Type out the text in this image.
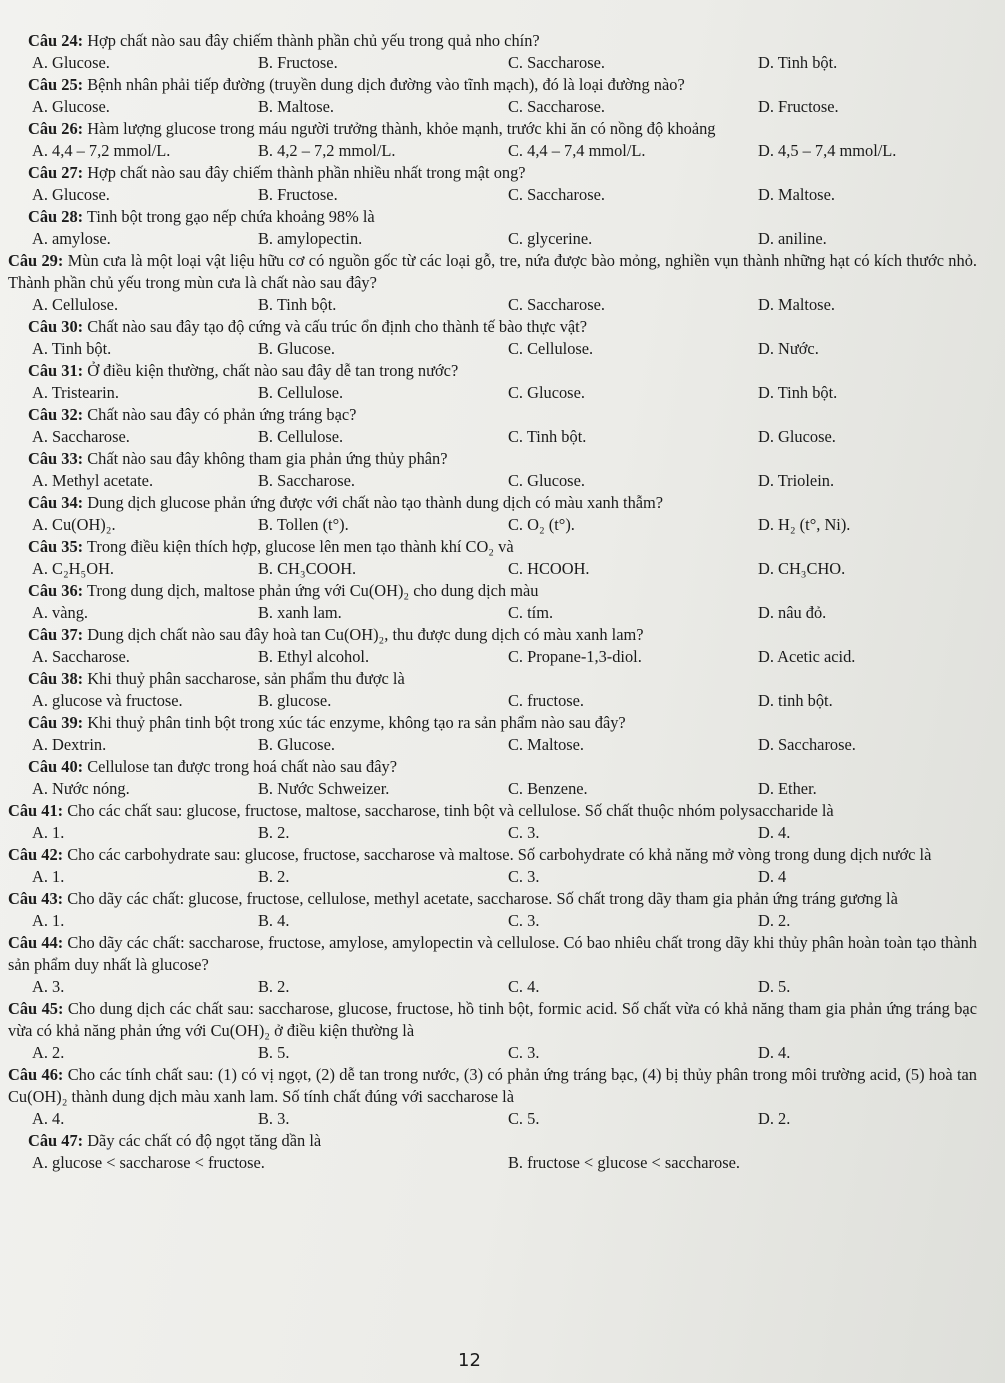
Câu 24: Hợp chất nào sau đây chiếm thành phần chủ yếu trong quả nho chín?
A. Glucose.	B. Fructose.	C. Saccharose.	D. Tinh bột.
Câu 25: Bệnh nhân phải tiếp đường (truyền dung dịch đường vào tĩnh mạch), đó là loại đường nào?
A. Glucose.	B. Maltose.	C. Saccharose.	D. Fructose.
Câu 26: Hàm lượng glucose trong máu người trưởng thành, khỏe mạnh, trước khi ăn có nồng độ khoảng
A. 4,4 – 7,2 mmol/L.	B. 4,2 – 7,2 mmol/L.	C. 4,4 – 7,4 mmol/L.	D. 4,5 – 7,4 mmol/L.
Câu 27: Hợp chất nào sau đây chiếm thành phần nhiều nhất trong mật ong?
A. Glucose.	B. Fructose.	C. Saccharose.	D. Maltose.
Câu 28: Tinh bột trong gạo nếp chứa khoảng 98% là
A. amylose.	B. amylopectin.	C. glycerine.	D. aniline.
Câu 29: Mùn cưa là một loại vật liệu hữu cơ có nguồn gốc từ các loại gỗ, tre, nứa được bào mỏng, nghiền vụn thành những hạt có kích thước nhỏ. Thành phần chủ yếu trong mùn cưa là chất nào sau đây?
A. Cellulose.	B. Tinh bột.	C. Saccharose.	D. Maltose.
Câu 30: Chất nào sau đây tạo độ cứng và cấu trúc ổn định cho thành tế bào thực vật?
A. Tinh bột.	B. Glucose.	C. Cellulose.	D. Nước.
Câu 31: Ở điều kiện thường, chất nào sau đây dễ tan trong nước?
A. Tristearin.	B. Cellulose.	C. Glucose.	D. Tinh bột.
Câu 32: Chất nào sau đây có phản ứng tráng bạc?
A. Saccharose.	B. Cellulose.	C. Tinh bột.	D. Glucose.
Câu 33: Chất nào sau đây không tham gia phản ứng thủy phân?
A. Methyl acetate.	B. Saccharose.	C. Glucose.	D. Triolein.
Câu 34: Dung dịch glucose phản ứng được với chất nào tạo thành dung dịch có màu xanh thẫm?
A. Cu(OH)₂.	B. Tollen (t°).	C. O₂ (t°).	D. H₂ (t°, Ni).
Câu 35: Trong điều kiện thích hợp, glucose lên men tạo thành khí CO₂ và
A. C₂H₅OH.	B. CH₃COOH.	C. HCOOH.	D. CH₃CHO.
Câu 36: Trong dung dịch, maltose phản ứng với Cu(OH)₂ cho dung dịch màu
A. vàng.	B. xanh lam.	C. tím.	D. nâu đỏ.
Câu 37: Dung dịch chất nào sau đây hoà tan Cu(OH)₂, thu được dung dịch có màu xanh lam?
A. Saccharose.	B. Ethyl alcohol.	C. Propane-1,3-diol.	D. Acetic acid.
Câu 38: Khi thuỷ phân saccharose, sản phẩm thu được là
A. glucose và fructose.	B. glucose.	C. fructose.	D. tinh bột.
Câu 39: Khi thuỷ phân tinh bột trong xúc tác enzyme, không tạo ra sản phẩm nào sau đây?
A. Dextrin.	B. Glucose.	C. Maltose.	D. Saccharose.
Câu 40: Cellulose tan được trong hoá chất nào sau đây?
A. Nước nóng.	B. Nước Schweizer.	C. Benzene.	D. Ether.
Câu 41: Cho các chất sau: glucose, fructose, maltose, saccharose, tinh bột và cellulose. Số chất thuộc nhóm polysaccharide là
A. 1.	B. 2.	C. 3.	D. 4.
Câu 42: Cho các carbohydrate sau: glucose, fructose, saccharose và maltose. Số carbohydrate có khả năng mở vòng trong dung dịch nước là
A. 1.	B. 2.	C. 3.	D. 4
Câu 43: Cho dãy các chất: glucose, fructose, cellulose, methyl acetate, saccharose. Số chất trong dãy tham gia phản ứng tráng gương là
A. 1.	B. 4.	C. 3.	D. 2.
Câu 44: Cho dãy các chất: saccharose, fructose, amylose, amylopectin và cellulose. Có bao nhiêu chất trong dãy khi thủy phân hoàn toàn tạo thành sản phẩm duy nhất là glucose?
A. 3.	B. 2.	C. 4.	D. 5.
Câu 45: Cho dung dịch các chất sau: saccharose, glucose, fructose, hồ tinh bột, formic acid. Số chất vừa có khả năng tham gia phản ứng tráng bạc vừa có khả năng phản ứng với Cu(OH)₂ ở điều kiện thường là
A. 2.	B. 5.	C. 3.	D. 4.
Câu 46: Cho các tính chất sau: (1) có vị ngọt, (2) dễ tan trong nước, (3) có phản ứng tráng bạc, (4) bị thủy phân trong môi trường acid, (5) hoà tan Cu(OH)₂ thành dung dịch màu xanh lam. Số tính chất đúng với saccharose là
A. 4.	B. 3.	C. 5.	D. 2.
Câu 47: Dãy các chất có độ ngọt tăng dần là
A. glucose < saccharose < fructose.	B. fructose < glucose < saccharose.
12
